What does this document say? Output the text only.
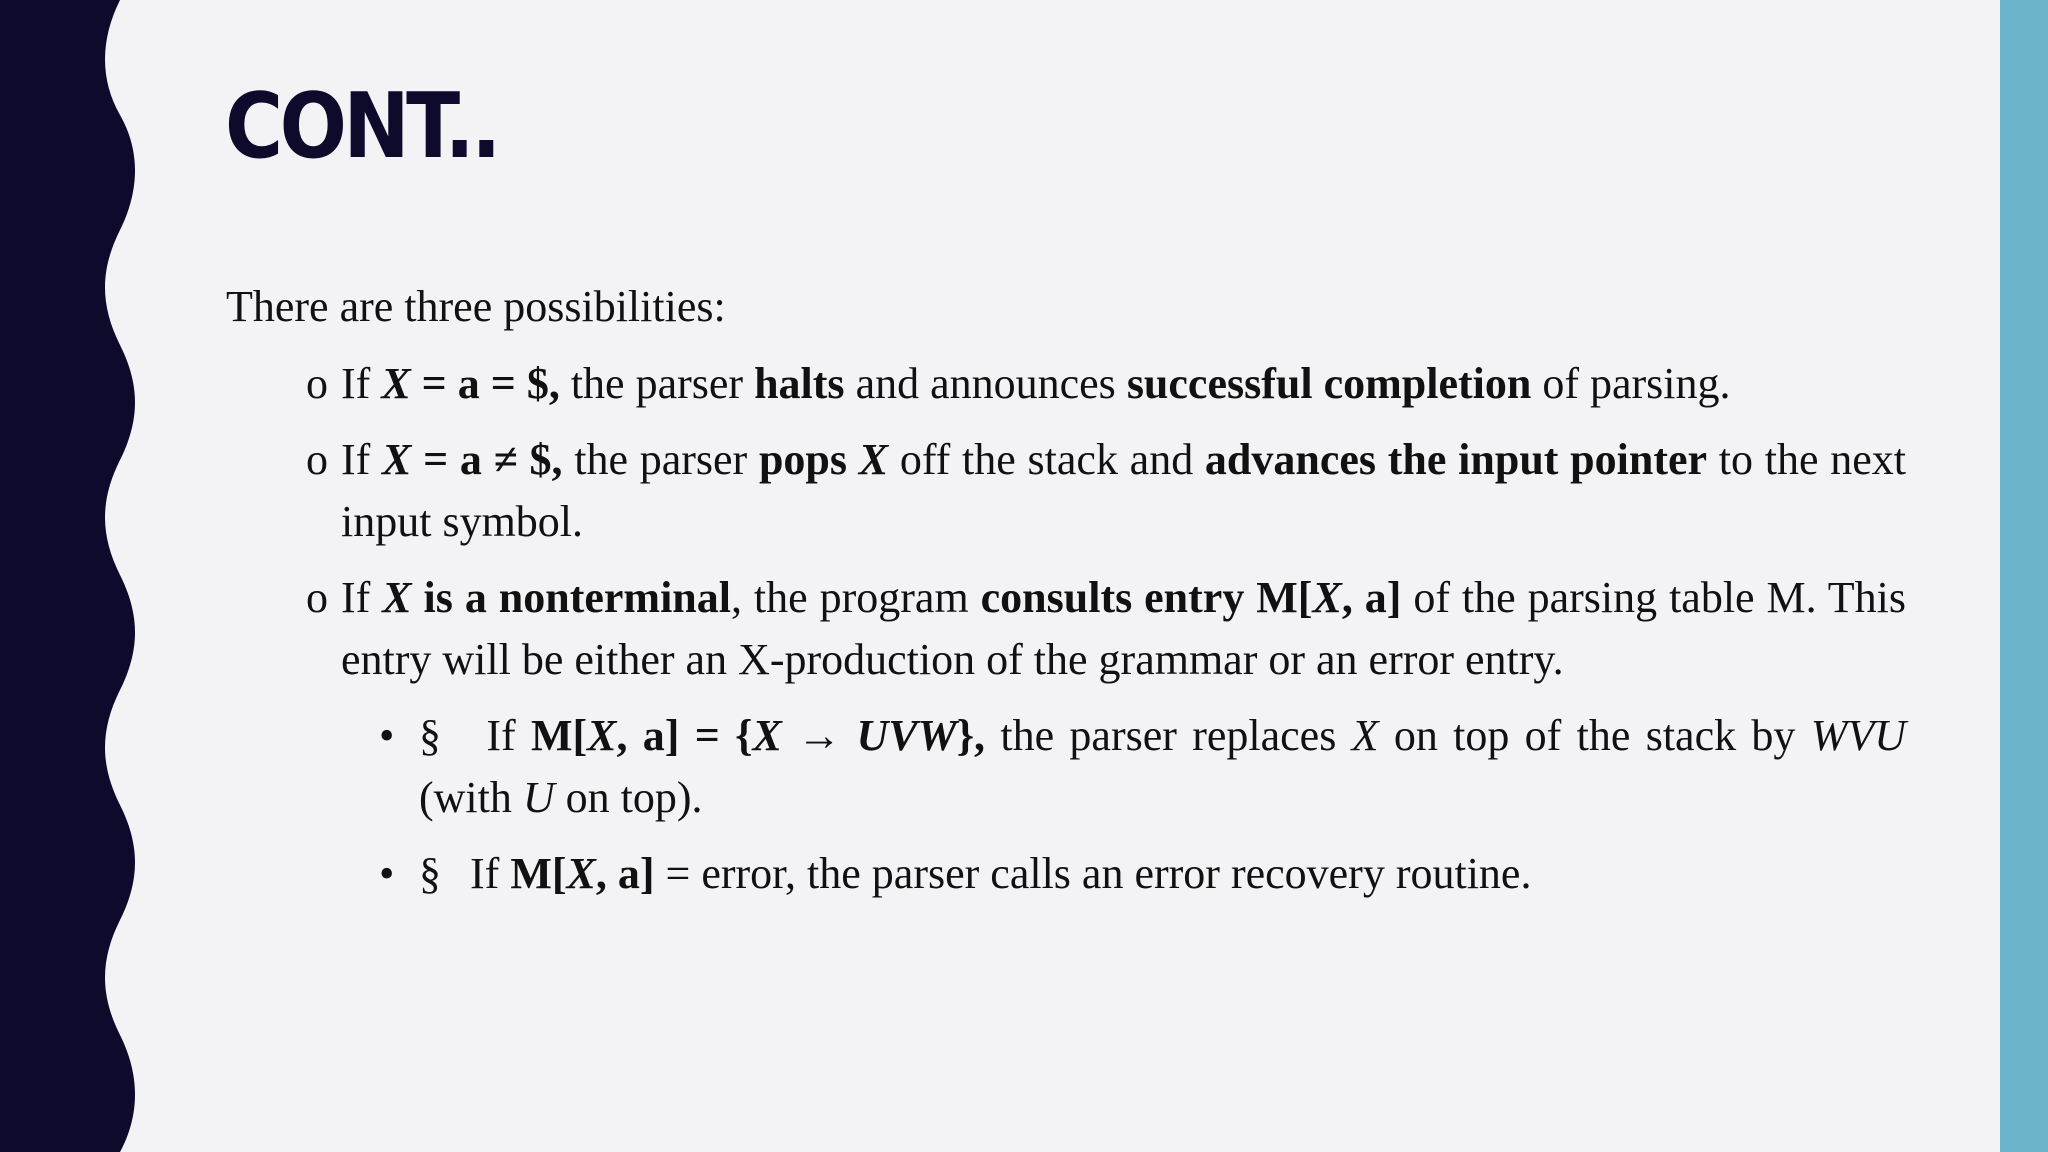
CONT..

There are three possibilities:

o If X = a = $, the parser halts and announces successful completion of parsing.
o If X = a ≠ $, the parser pops X off the stack and advances the input pointer to the next input symbol.
o If X is a nonterminal, the program consults entry M[X, a] of the parsing table M. This entry will be either an X-production of the grammar or an error entry.
• § If M[X, a] = {X → UVW}, the parser replaces X on top of the stack by WVU (with U on top).
• § If M[X, a] = error, the parser calls an error recovery routine.
